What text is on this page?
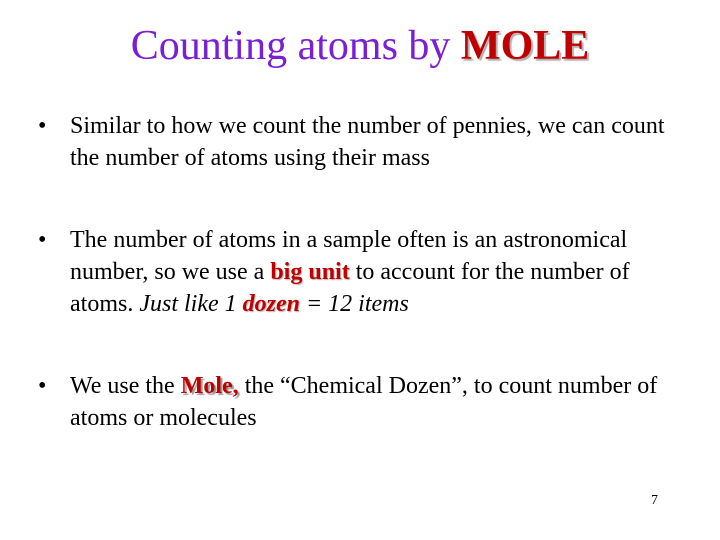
Counting atoms by MOLE
• Similar to how we count the number of pennies, we can count the number of atoms using their mass
• The number of atoms in a sample often is an astronomical number, so we use a big unit to account for the number of atoms. Just like 1 dozen = 12 items
• We use the Mole, the “Chemical Dozen”, to count number of atoms or molecules
7
